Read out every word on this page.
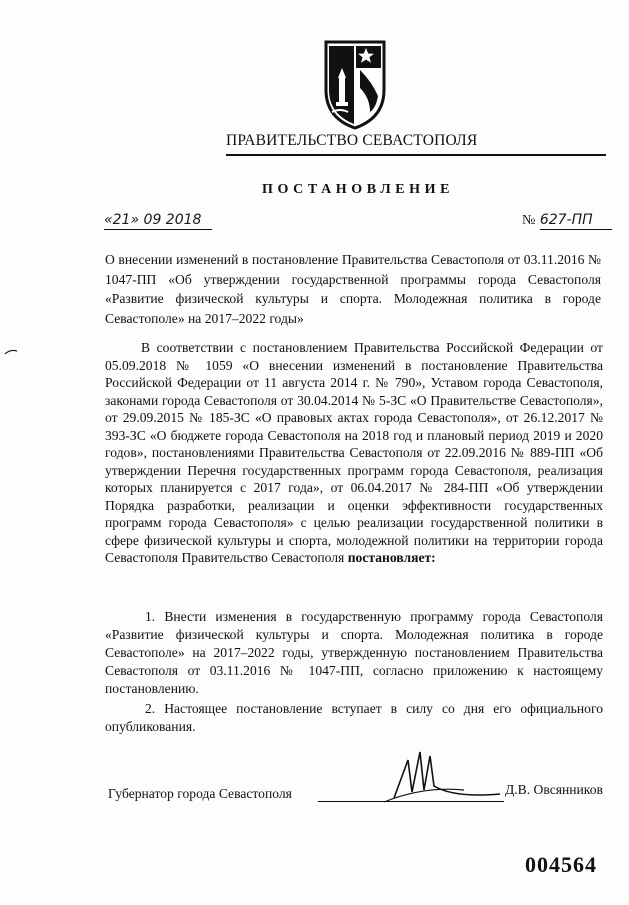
ПРАВИТЕЛЬСТВО СЕВАСТОПОЛЯ
ПОСТАНОВЛЕНИЕ
«21» 09 2018	№ 627-ПП
О внесении изменений в постановление Правительства Севастополя от 03.11.2016 № 1047-ПП «Об утверждении государственной программы города Севастополя «Развитие физической культуры и спорта. Молодежная политика в городе Севастополе» на 2017–2022 годы»
В соответствии с постановлением Правительства Российской Федерации от 05.09.2018 № 1059 «О внесении изменений в постановление Правительства Российской Федерации от 11 августа 2014 г. № 790», Уставом города Севастополя, законами города Севастополя от 30.04.2014 № 5-ЗС «О Правительстве Севастополя», от 29.09.2015 № 185-ЗС «О правовых актах города Севастополя», от 26.12.2017 № 393-ЗС «О бюджете города Севастополя на 2018 год и плановый период 2019 и 2020 годов», постановлениями Правительства Севастополя от 22.09.2016 № 889-ПП «Об утверждении Перечня государственных программ города Севастополя, реализация которых планируется с 2017 года», от 06.04.2017 № 284-ПП «Об утверждении Порядка разработки, реализации и оценки эффективности государственных программ города Севастополя» с целью реализации государственной политики в сфере физической культуры и спорта, молодежной политики на территории города Севастополя Правительство Севастополя постановляет:
1. Внести изменения в государственную программу города Севастополя «Развитие физической культуры и спорта. Молодежная политика в городе Севастополе» на 2017–2022 годы, утвержденную постановлением Правительства Севастополя от 03.11.2016 № 1047-ПП, согласно приложению к настоящему постановлению.
2. Настоящее постановление вступает в силу со дня его официального опубликования.
Губернатор города Севастополя	Д.В. Овсянников
004564
